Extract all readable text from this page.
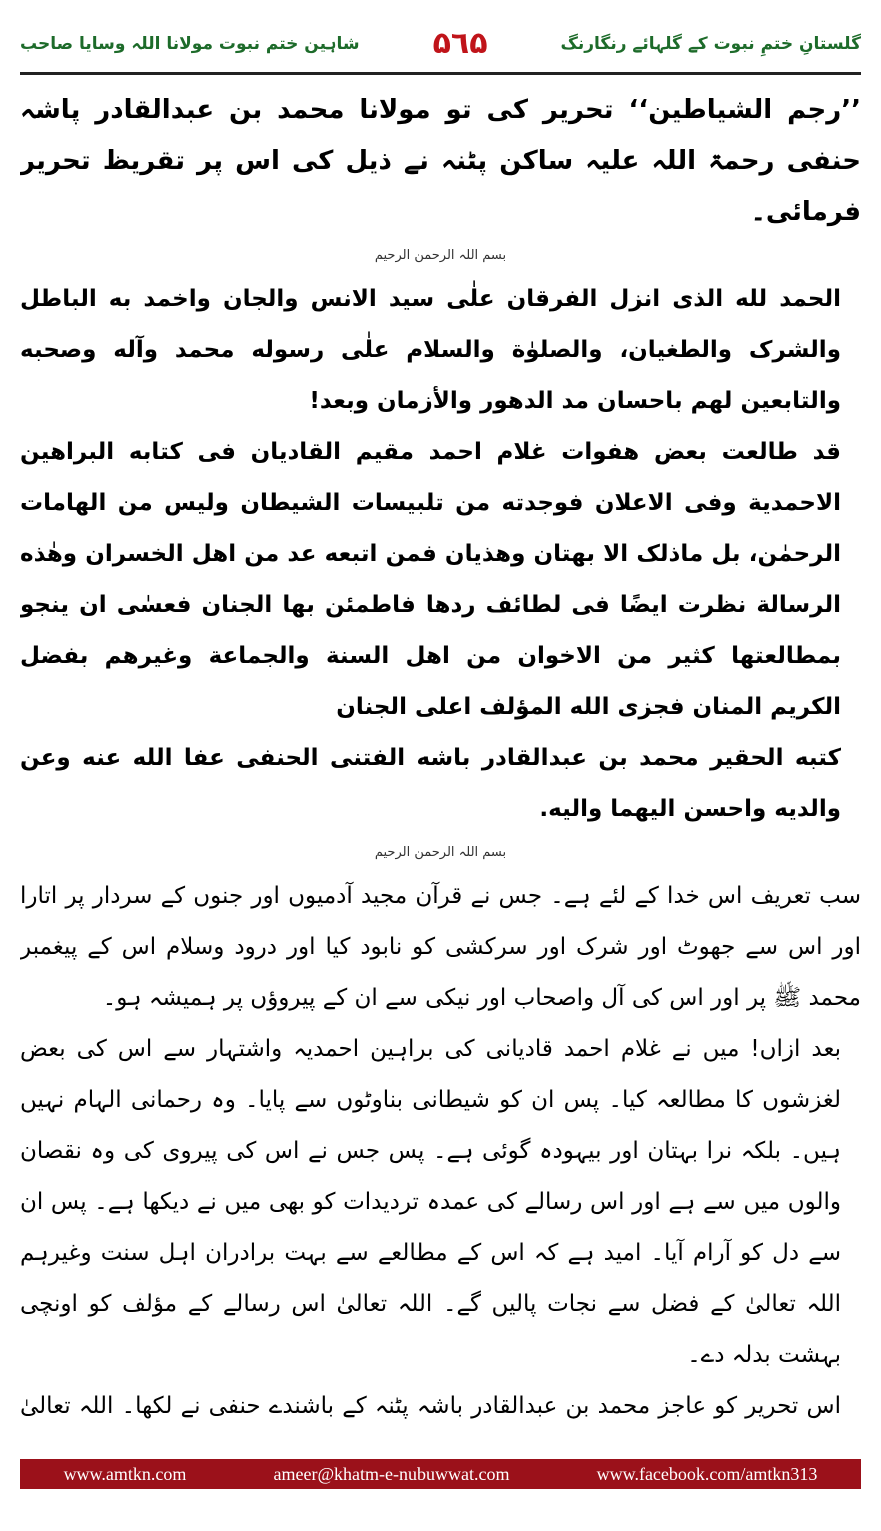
شاہین ختم نبوت مولانا اللہ وسایا صاحب ۵٦۵	گلستانِ ختمِ نبوت کے گلہائے رنگارنگ

’’رجم الشیاطین‘‘ تحریر کی تو مولانا محمد بن عبدالقادر پاشہ حنفی رحمۃ اللہ علیہ ساکن پٹنہ نے ذیل کی اس پر تقریظ تحریر فرمائی۔

بسم اللہ الرحمن الرحیم

الحمد لله الذی انزل الفرقان علٰی سید الانس والجان واخمد به الباطل والشرک والطغیان، والصلوٰة والسلام علٰی رسوله محمد وآله وصحبه والتابعین لهم باحسان مد الدهور والأزمان وبعد!

قد طالعت بعض هفوات غلام احمد مقیم القادیان فی کتابه البراهین الاحمدیة وفی الاعلان فوجدته من تلبیسات الشیطان ولیس من الهامات الرحمٰن، بل ماذلک الا بهتان وهذیان فمن اتبعه عد من اهل الخسران وهٰذه الرسالة نظرت ایضًا فی لطائف ردها فاطمئن بها الجنان فعسٰی ان ینجو بمطالعتها کثیر من الاخوان من اهل السنة والجماعة وغیرهم بفضل الکریم المنان فجزی الله المؤلف اعلی الجنان

کتبه الحقیر محمد بن عبدالقادر باشه الفتنی الحنفی عفا الله عنه وعن والدیه واحسن الیهما والیه.

بسم اللہ الرحمن الرحیم

سب تعریف اس خدا کے لئے ہے۔ جس نے قرآن مجید آدمیوں اور جنوں کے سردار پر اتارا اور اس سے جھوٹ اور شرک اور سرکشی کو نابود کیا اور درود وسلام اس کے پیغمبر محمد ﷺ پر اور اس کی آل واصحاب اور نیکی سے ان کے پیروؤں پر ہمیشہ ہو۔

بعد ازاں! میں نے غلام احمد قادیانی کی براہین احمدیہ واشتہار سے اس کی بعض لغزشوں کا مطالعہ کیا۔ پس ان کو شیطانی بناوٹوں سے پایا۔ وہ رحمانی الہام نہیں ہیں۔ بلکہ نرا بہتان اور بیہودہ گوئی ہے۔ پس جس نے اس کی پیروی کی وہ نقصان والوں میں سے ہے اور اس رسالے کی عمدہ تردیدات کو بھی میں نے دیکھا ہے۔ پس ان سے دل کو آرام آیا۔ امید ہے کہ اس کے مطالعے سے بہت برادران اہل سنت وغیرہم اللہ تعالیٰ کے فضل سے نجات پالیں گے۔ اللہ تعالیٰ اس رسالے کے مؤلف کو اونچی بہشت بدلہ دے۔

اس تحریر کو عاجز محمد بن عبدالقادر باشہ پٹنہ کے باشندے حنفی نے لکھا۔ اللہ تعالیٰ

www.amtkn.com	ameer@khatm-e-nubuwwat.com	www.facebook.com/amtkn313
